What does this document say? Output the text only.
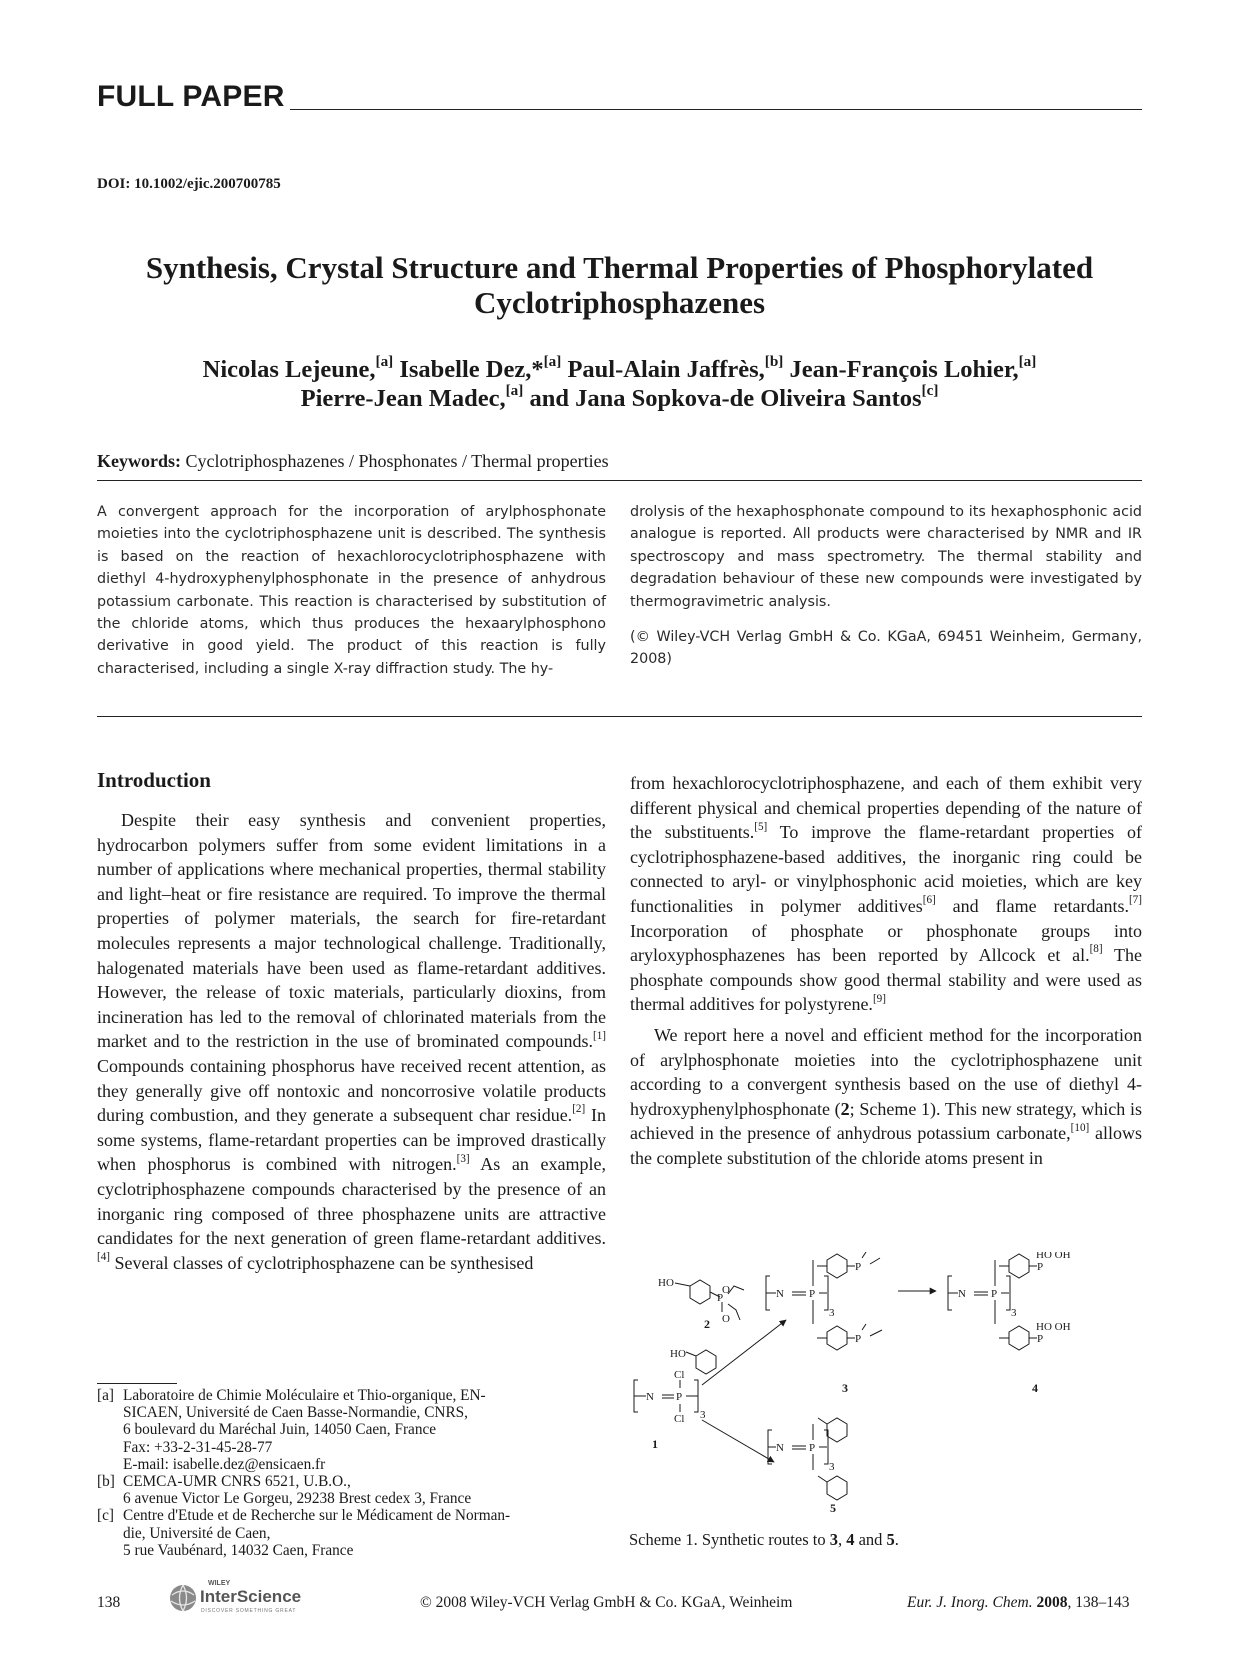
FULL PAPER
DOI: 10.1002/ejic.200700785
Synthesis, Crystal Structure and Thermal Properties of Phosphorylated
Cyclotriphosphazenes
Nicolas Lejeune,[a] Isabelle Dez,*[a] Paul-Alain Jaffrès,[b] Jean-François Lohier,[a]
Pierre-Jean Madec,[a] and Jana Sopkova-de Oliveira Santos[c]
Keywords: Cyclotriphosphazenes / Phosphonates / Thermal properties

A convergent approach for the incorporation of arylphosphonate moieties into the cyclotriphosphazene unit is described. The synthesis is based on the reaction of hexachlorocyclotriphosphazene with diethyl 4-hydroxyphenylphosphonate in the presence of anhydrous potassium carbonate. This reaction is characterised by substitution of the chloride atoms, which thus produces the hexaarylphosphono derivative in good yield. The product of this reaction is fully characterised, including a single X-ray diffraction study. The hy-

drolysis of the hexaphosphonate compound to its hexaphosphonic acid analogue is reported. All products were characterised by NMR and IR spectroscopy and mass spectrometry. The thermal stability and degradation behaviour of these new compounds were investigated by thermogravimetric analysis.

(© Wiley-VCH Verlag GmbH & Co. KGaA, 69451 Weinheim, Germany, 2008)

Introduction

Despite their easy synthesis and convenient properties, hydrocarbon polymers suffer from some evident limitations in a number of applications where mechanical properties, thermal stability and light–heat or fire resistance are required. To improve the thermal properties of polymer materials, the search for fire-retardant molecules represents a major technological challenge. Traditionally, halogenated materials have been used as flame-retardant additives. However, the release of toxic materials, particularly dioxins, from incineration has led to the removal of chlorinated materials from the market and to the restriction in the use of brominated compounds.[1] Compounds containing phosphorus have received recent attention, as they generally give off nontoxic and noncorrosive volatile products during combustion, and they generate a subsequent char residue.[2] In some systems, flame-retardant properties can be improved drastically when phosphorus is combined with nitrogen.[3] As an example, cyclotriphosphazene compounds characterised by the presence of an inorganic ring composed of three phosphazene units are attractive candidates for the next generation of green flame-retardant additives.[4] Several classes of cyclotriphosphazene can be synthesised

from hexachlorocyclotriphosphazene, and each of them exhibit very different physical and chemical properties depending of the nature of the substituents.[5] To improve the flame-retardant properties of cyclotriphosphazene-based additives, the inorganic ring could be connected to aryl- or vinylphosphonic acid moieties, which are key functionalities in polymer additives[6] and flame retardants.[7] Incorporation of phosphate or phosphonate groups into aryloxyphosphazenes has been reported by Allcock et al.[8] The phosphate compounds show good thermal stability and were used as thermal additives for polystyrene.[9]

We report here a novel and efficient method for the incorporation of arylphosphonate moieties into the cyclotriphosphazene unit according to a convergent synthesis based on the use of diethyl 4-hydroxyphenylphosphonate (2; Scheme 1). This new strategy, which is achieved in the presence of anhydrous potassium carbonate,[10] allows the complete substitution of the chloride atoms present in

[a] Laboratoire de Chimie Moléculaire et Thio-organique, EN-
SICAEN, Université de Caen Basse-Normandie, CNRS,
6 boulevard du Maréchal Juin, 14050 Caen, France
Fax: +33-2-31-45-28-77
E-mail: isabelle.dez@ensicaen.fr
[b] CEMCA-UMR CNRS 6521, U.B.O.,
6 avenue Victor Le Gorgeu, 29238 Brest cedex 3, France
[c] Centre d'Etude et de Recherche sur le Médicament de Norman-
die, Université de Caen,
5 rue Vaubénard, 14032 Caen, France
N P
Cl
Cl 3
HO
P
O
O
N P
3
P
P
N P
3
P
P
HO OH
HO OH
N P
3
HO
2
1
3	4
5
Scheme 1. Synthetic routes to 3, 4 and 5.
138
WILEY
InterScience
DISCOVER SOMETHING GREAT	© 2008 Wiley-VCH Verlag GmbH & Co. KGaA, Weinheim	Eur. J. Inorg. Chem. 2008, 138–143
